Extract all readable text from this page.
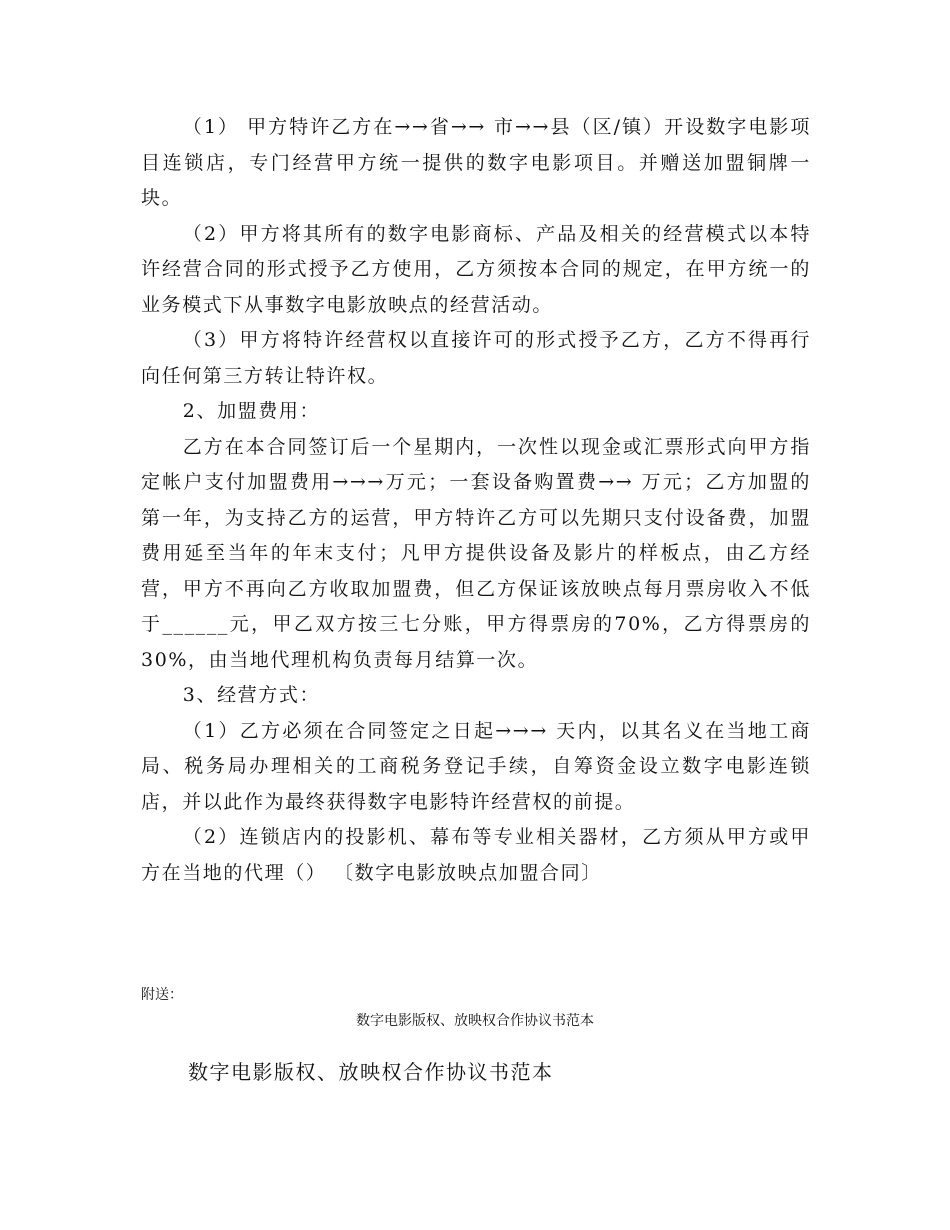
（1） 甲方特许乙方在→→省→→ 市→→县（区/镇）开设数字电影项目连锁店，专门经营甲方统一提供的数字电影项目。并赠送加盟铜牌一块。

（2）甲方将其所有的数字电影商标、产品及相关的经营模式以本特许经营合同的形式授予乙方使用，乙方须按本合同的规定，在甲方统一的业务模式下从事数字电影放映点的经营活动。

（3）甲方将特许经营权以直接许可的形式授予乙方，乙方不得再行向任何第三方转让特许权。

2、加盟费用：

乙方在本合同签订后一个星期内，一次性以现金或汇票形式向甲方指定帐户支付加盟费用→→→万元；一套设备购置费→→ 万元；乙方加盟的第一年，为支持乙方的运营，甲方特许乙方可以先期只支付设备费，加盟费用延至当年的年末支付；凡甲方提供设备及影片的样板点，由乙方经营，甲方不再向乙方收取加盟费，但乙方保证该放映点每月票房收入不低于______元，甲乙双方按三七分账，甲方得票房的70%，乙方得票房的30%，由当地代理机构负责每月结算一次。

3、经营方式：

（1）乙方必须在合同签定之日起→→→ 天内，以其名义在当地工商局、税务局办理相关的工商税务登记手续，自筹资金设立数字电影连锁店，并以此作为最终获得数字电影特许经营权的前提。

（2）连锁店内的投影机、幕布等专业相关器材，乙方须从甲方或甲方在当地的代理（） 〔数字电影放映点加盟合同〕

附送：
数字电影版权、放映权合作协议书范本
数字电影版权、放映权合作协议书范本
